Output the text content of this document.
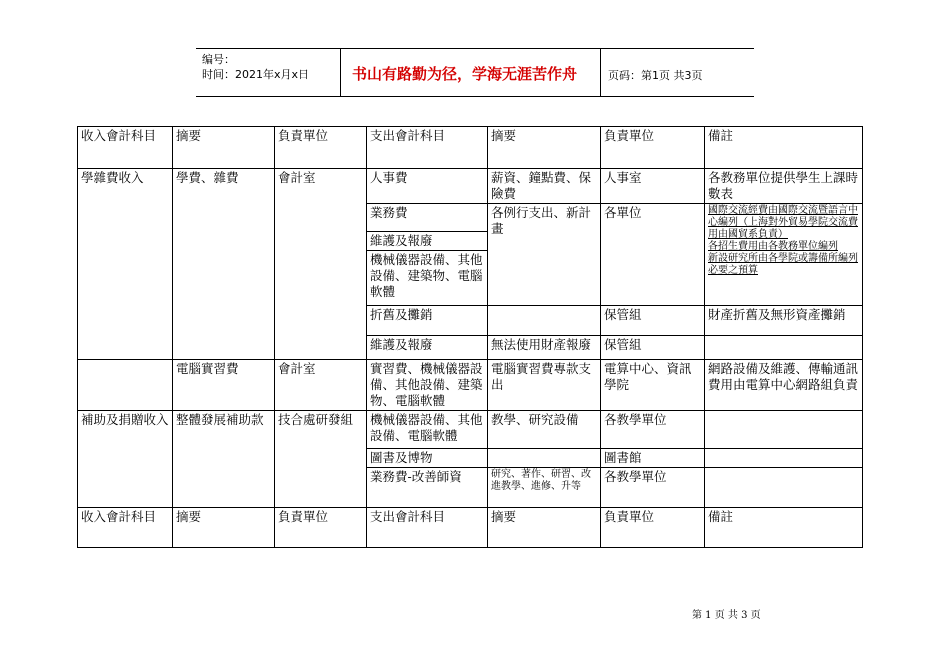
编号：
时间：2021年x月x日	书山有路勤为径，学海无涯苦作舟	页码：第1页 共3页
收入會計科目	摘要	負責單位	支出會計科目	摘要	負責單位	備註
學雜費收入	學費、雜費	會計室	人事費	薪資、鐘點費、保險費	人事室	各教務單位提供學生上課時數表
			業務費	各例行支出、新計畫	各單位	國際交流經費由國際交流暨語言中心編列（上海對外貿易學院交流費用由國貿系負責）
各招生費用由各教務單位編列
新設研究所由各學院或籌備所編列必要之預算

			維護及報廢			
			機械儀器設備、其他設備、建築物、電腦軟體			
			折舊及攤銷		保管組	財產折舊及無形資產攤銷
			維護及報廢	無法使用財產報廢	保管組	
	電腦實習費	會計室	實習費、機械儀器設備、其他設備、建築物、電腦軟體	電腦實習費專款支出	電算中心、資訊學院	網路設備及維護、傳輸通訊費用由電算中心網路組負責
補助及捐贈收入	整體發展補助款	技合處研發組	機械儀器設備、其他設備、電腦軟體	教學、研究設備	各教學單位	
			圖書及博物		圖書館	
			業務費-改善師資	研究、著作、研習、改進教學、進修、升等	各教學單位	
收入會計科目	摘要	負責單位	支出會計科目	摘要	負責單位	備註
第 1 页 共 3 页
